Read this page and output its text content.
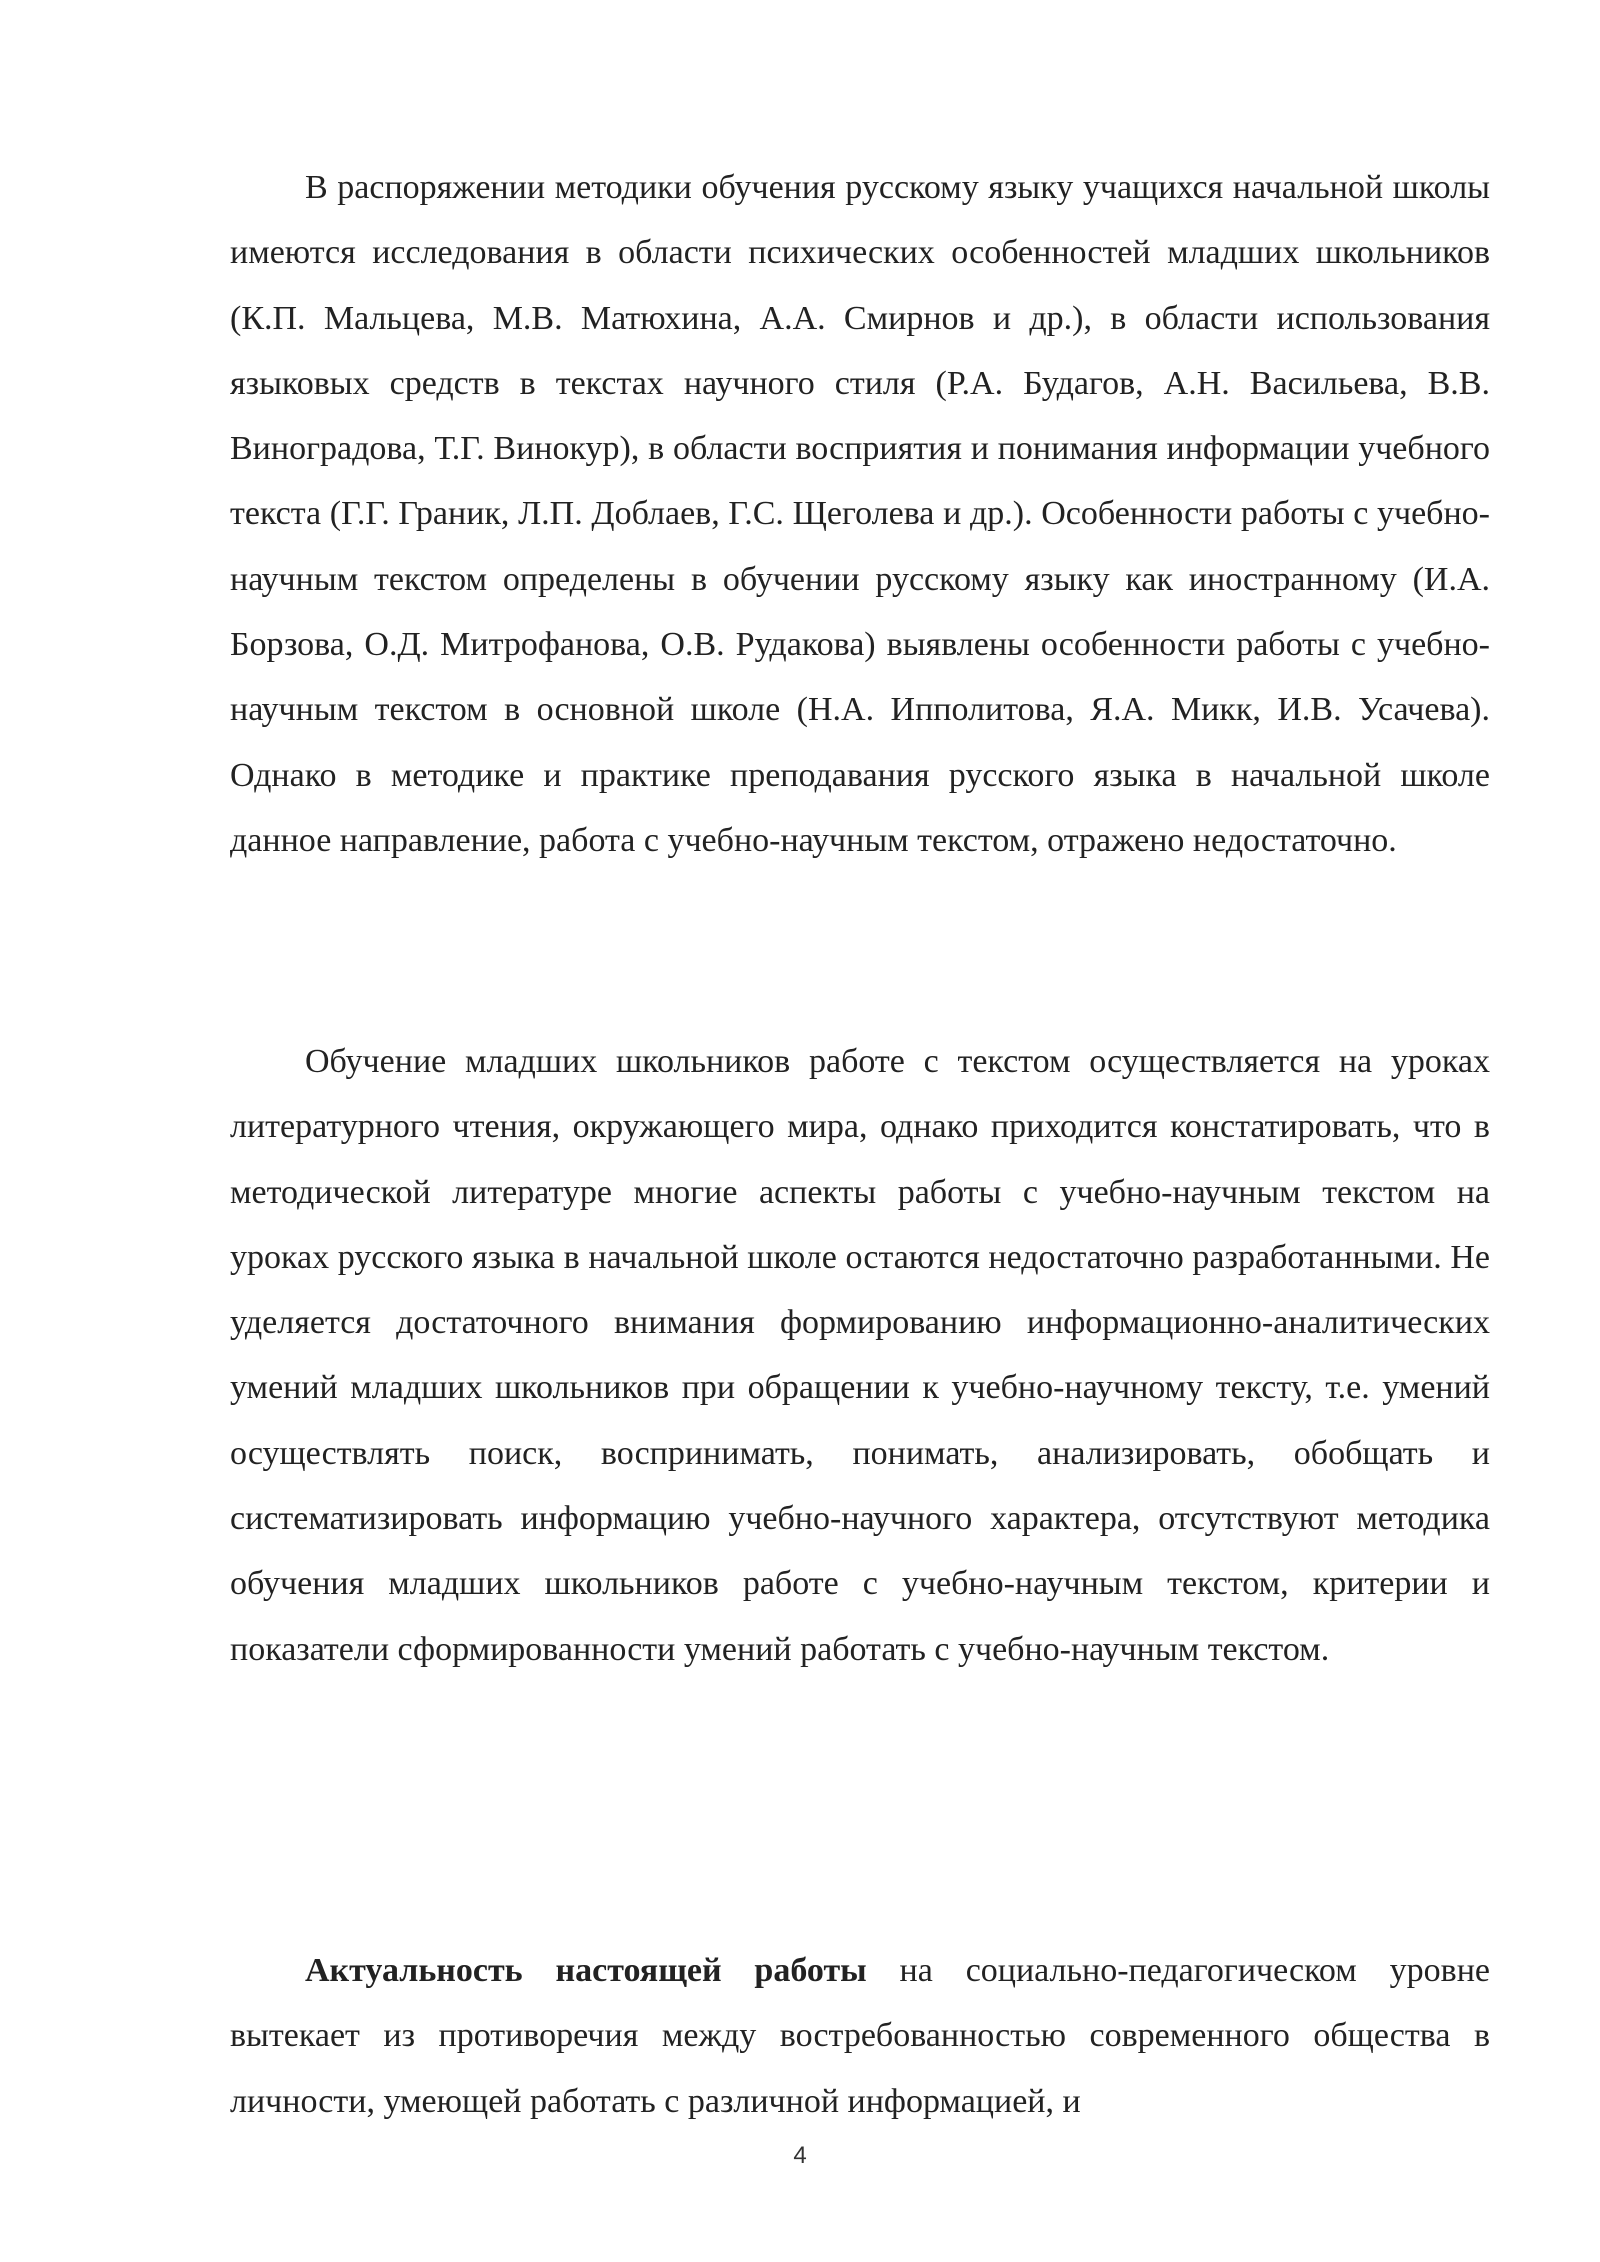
В распоряжении методики обучения русскому языку учащихся начальной школы имеются исследования в области психических особенностей младших школьников (К.П. Мальцева, М.В. Матюхина, А.А. Смирнов и др.), в области использования языковых средств в текстах научного стиля (Р.А. Будагов, А.Н. Васильева, В.В. Виноградова, Т.Г. Винокур), в области восприятия и понимания информации учебного текста (Г.Г. Граник, Л.П. Доблаев, Г.С. Щеголева и др.). Особенности работы с учебно-научным текстом определены в обучении русскому языку как иностранному (И.А. Борзова, О.Д. Митрофанова, О.В. Рудакова) выявлены особенности работы с учебно-научным текстом в основной школе (Н.А. Ипполитова, Я.А. Микк, И.В. Усачева). Однако в методике и практике преподавания русского языка в начальной школе данное направление, работа с учебно-научным текстом, отражено недостаточно.

Обучение младших школьников работе с текстом осуществляется на уроках литературного чтения, окружающего мира, однако приходится констатировать, что в методической литературе многие аспекты работы с учебно-научным текстом на уроках русского языка в начальной школе остаются недостаточно разработанными. Не уделяется достаточного внимания формированию информационно-аналитических умений младших школьников при обращении к учебно-научному тексту, т.е. умений осуществлять поиск, воспринимать, понимать, анализировать, обобщать и систематизировать информацию учебно-научного характера, отсутствуют методика обучения младших школьников работе с учебно-научным текстом, критерии и показатели сформированности умений работать с учебно-научным текстом.

Актуальность настоящей работы на социально-педагогическом уровне вытекает из противоречия между востребованностью современного общества в личности, умеющей работать с различной информацией, и

4
